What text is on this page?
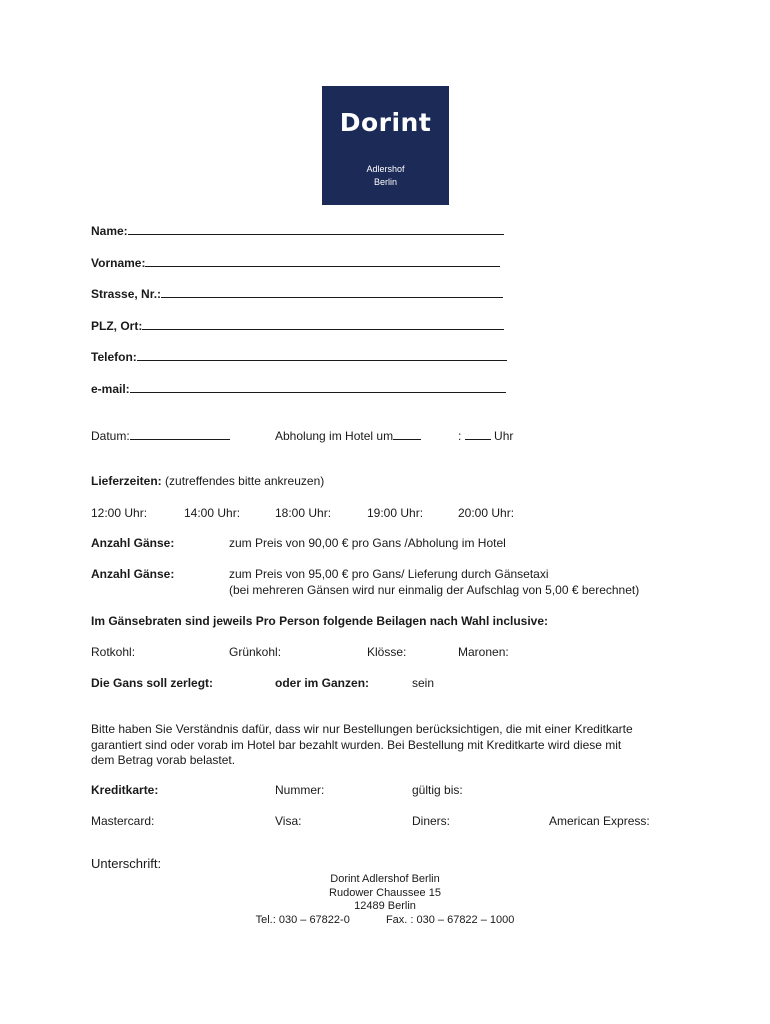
Dorint
Adlershof
Berlin
Name:
Vorname:
Strasse, Nr.:
PLZ, Ort:
Telefon:
e-mail:
Datum:	Abholung im Hotel um	:	Uhr
Lieferzeiten: (zutreffendes bitte ankreuzen)
12:00 Uhr:	14:00 Uhr:	18:00 Uhr:	19:00 Uhr:	20:00 Uhr:
Anzahl Gänse:	zum Preis von 90,00 € pro Gans /Abholung im Hotel
Anzahl Gänse:	zum Preis von 95,00 € pro Gans/ Lieferung durch Gänsetaxi
(bei mehreren Gänsen wird nur einmalig der Aufschlag von 5,00 € berechnet)
Im Gänsebraten sind jeweils Pro Person folgende Beilagen nach Wahl inclusive:
Rotkohl:	Grünkohl:	Klösse:	Maronen:
Die Gans soll zerlegt:	oder im Ganzen:	sein
Bitte haben Sie Verständnis dafür, dass wir nur Bestellungen berücksichtigen, die mit einer Kreditkarte
garantiert sind oder vorab im Hotel bar bezahlt wurden. Bei Bestellung mit Kreditkarte wird diese mit
dem Betrag vorab belastet.
Kreditkarte:	Nummer:	gültig bis:
Mastercard:	Visa:	Diners:	American Express:
Unterschrift:
Dorint Adlershof Berlin
Rudower Chaussee 15
12489 Berlin
Tel.: 030 – 67822-0	Fax. : 030 – 67822 – 1000
